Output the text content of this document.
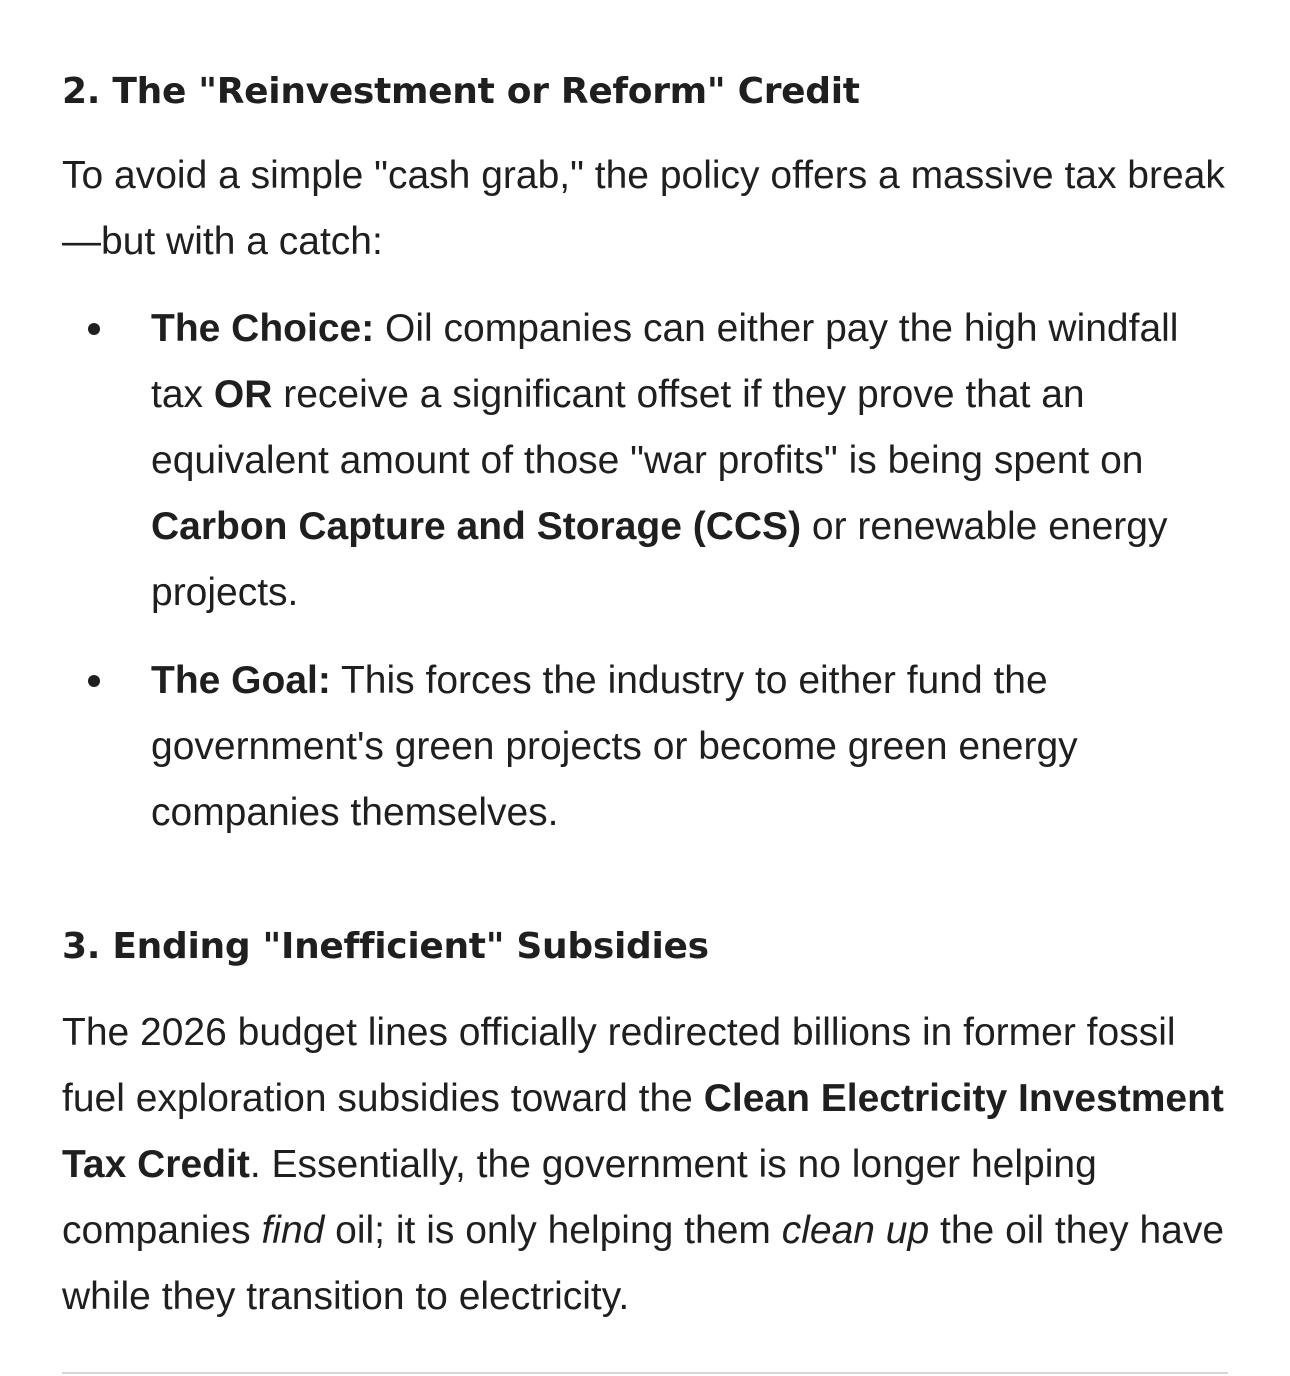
2. The "Reinvestment or Reform" Credit

To avoid a simple "cash grab," the policy offers a massive tax break—but with a catch:

The Choice: Oil companies can either pay the high windfall tax OR receive a significant offset if they prove that an equivalent amount of those "war profits" is being spent on Carbon Capture and Storage (CCS) or renewable energy projects.
The Goal: This forces the industry to either fund the government's green projects or become green energy companies themselves.
3. Ending "Inefficient" Subsidies

The 2026 budget lines officially redirected billions in former fossil fuel exploration subsidies toward the Clean Electricity Investment Tax Credit. Essentially, the government is no longer helping companies find oil; it is only helping them clean up the oil they have while they transition to electricity.
